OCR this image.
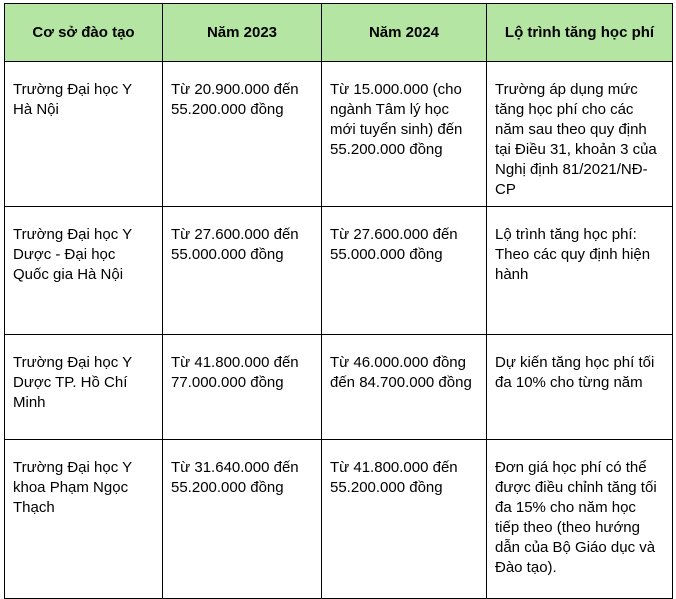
Cơ sở đào tạo	Năm 2023	Năm 2024	Lộ trình tăng học phí
Trường Đại học Y Hà Nội	Từ 20.900.000 đến 55.200.000 đồng	Từ 15.000.000 (cho ngành Tâm lý học mới tuyển sinh) đến 55.200.000 đồng	Trường áp dụng mức tăng học phí cho các năm sau theo quy định tại Điều 31, khoản 3 của Nghị định 81/2021/NĐ-CP
Trường Đại học Y Dược - Đại học Quốc gia Hà Nội	Từ 27.600.000 đến 55.000.000 đồng	Từ 27.600.000 đến 55.000.000 đồng	Lộ trình tăng học phí: Theo các quy định hiện hành
Trường Đại học Y Dược TP. Hồ Chí Minh	Từ 41.800.000 đến 77.000.000 đồng	Từ 46.000.000 đồng đến 84.700.000 đồng	Dự kiến tăng học phí tối đa 10% cho từng năm
Trường Đại học Y khoa Phạm Ngọc Thạch	Từ 31.640.000 đến 55.200.000 đồng	Từ 41.800.000 đến 55.200.000 đồng	Đơn giá học phí có thể được điều chỉnh tăng tối đa 15% cho năm học tiếp theo (theo hướng dẫn của Bộ Giáo dục và Đào tạo).
